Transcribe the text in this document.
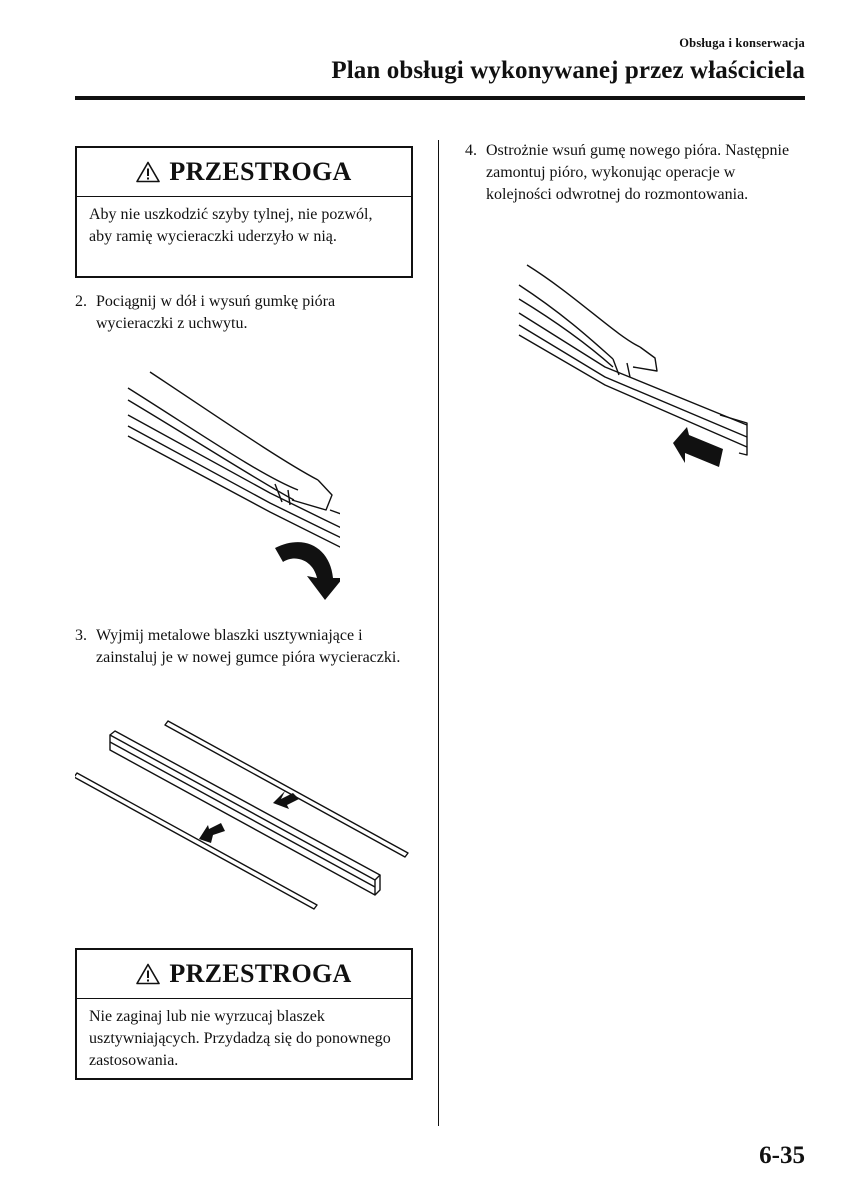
Obsługa i konserwacja
Plan obsługi wykonywanej przez właściciela
PRZESTROGA
Aby nie uszkodzić szyby tylnej, nie pozwól, aby ramię wycieraczki uderzyło w nią.
2. Pociągnij w dół i wysuń gumkę pióra wycieraczki z uchwytu.
3. Wyjmij metalowe blaszki usztywniające i zainstaluj je w nowej gumce pióra wycieraczki.
PRZESTROGA
Nie zaginaj lub nie wyrzucaj blaszek usztywniających. Przydadzą się do ponownego zastosowania.
4. Ostrożnie wsuń gumę nowego pióra. Następnie zamontuj pióro, wykonując operacje w kolejności odwrotnej do rozmontowania.
6-35
